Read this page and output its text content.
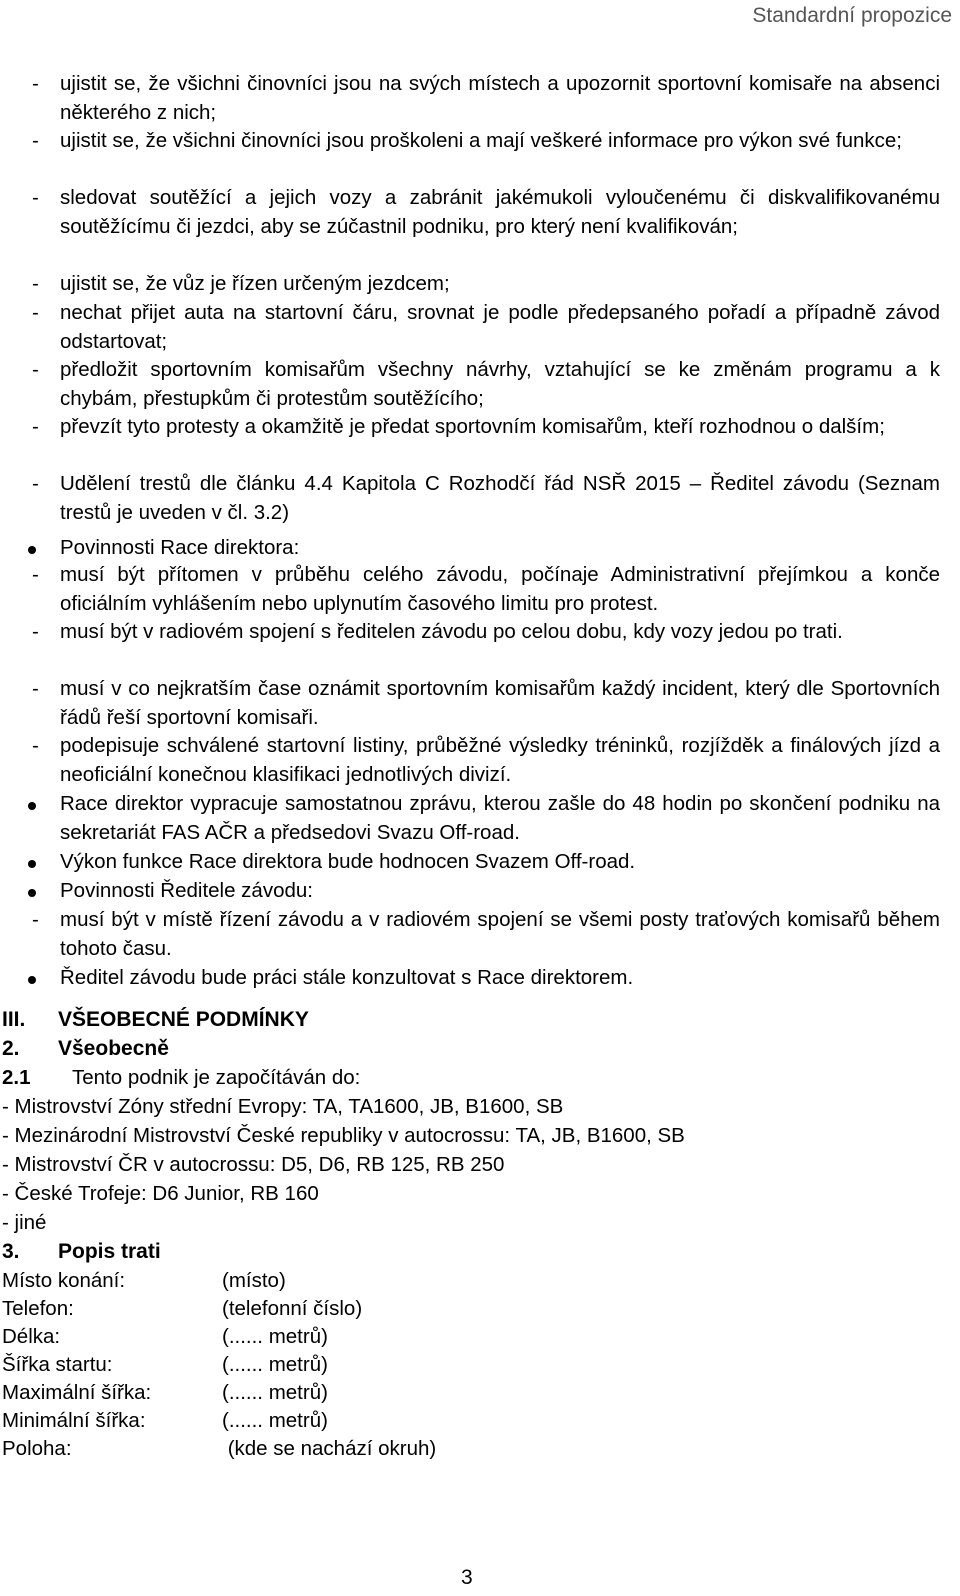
Standardní propozice
- ujistit se, že všichni činovníci jsou na svých místech a upozornit sportovní komisaře na absenci některého z nich;
- ujistit se, že všichni činovníci jsou proškoleni a mají veškeré informace pro výkon své funkce;
- sledovat soutěžící a jejich vozy a zabránit jakémukoli vyloučenému či diskvalifikovanému soutěžícímu či jezdci, aby se zúčastnil podniku, pro který není kvalifikován;
- ujistit se, že vůz je řízen určeným jezdcem;
- nechat přijet auta na startovní čáru, srovnat je podle předepsaného pořadí a případně závod odstartovat;
- předložit sportovním komisařům všechny návrhy, vztahující se ke změnám programu a k chybám, přestupkům či protestům soutěžícího;
- převzít tyto protesty a okamžitě je předat sportovním komisařům, kteří rozhodnou o dalším;
- Udělení trestů dle článku 4.4 Kapitola C Rozhodčí řád NSŘ 2015 – Ředitel závodu (Seznam trestů je uveden v čl. 3.2)
Povinnosti Race direktora:
- musí být přítomen v průběhu celého závodu, počínaje Administrativní přejímkou a konče oficiálním vyhlášením nebo uplynutím časového limitu pro protest.
- musí být v radiovém spojení s ředitelen závodu po celou dobu, kdy vozy jedou po trati.
- musí v co nejkratším čase oznámit sportovním komisařům každý incident, který dle Sportovních řádů řeší sportovní komisaři.
- podepisuje schválené startovní listiny, průběžné výsledky tréninků, rozjížděk a finálových jízd a neoficiální konečnou klasifikaci jednotlivých divizí.
Race direktor vypracuje samostatnou zprávu, kterou zašle do 48 hodin po skončení podniku na sekretariát FAS AČR a předsedovi Svazu Off-road.
Výkon funkce Race direktora bude hodnocen Svazem Off-road.
Povinnosti Ředitele závodu:
- musí být v místě řízení závodu a v radiovém spojení se všemi posty traťových komisařů během tohoto času.
Ředitel závodu bude práci stále konzultovat s Race direktorem.
III. VŠEOBECNÉ PODMÍNKY
2. Všeobecně
2.1 Tento podnik je započítáván do:
- Mistrovství Zóny střední Evropy: TA, TA1600, JB, B1600, SB
- Mezinárodní Mistrovství České republiky v autocrossu: TA, JB, B1600, SB
- Mistrovství ČR v autocrossu: D5, D6, RB 125, RB 250
- České Trofeje: D6 Junior, RB 160
- jiné
3. Popis trati
Místo konání:	(místo)
Telefon:	(telefonní číslo)
Délka:	(...... metrů)
Šířka startu:	(...... metrů)
Maximální šířka:	(...... metrů)
Minimální šířka:	(...... metrů)
Poloha:	(kde se nachází okruh)
3
